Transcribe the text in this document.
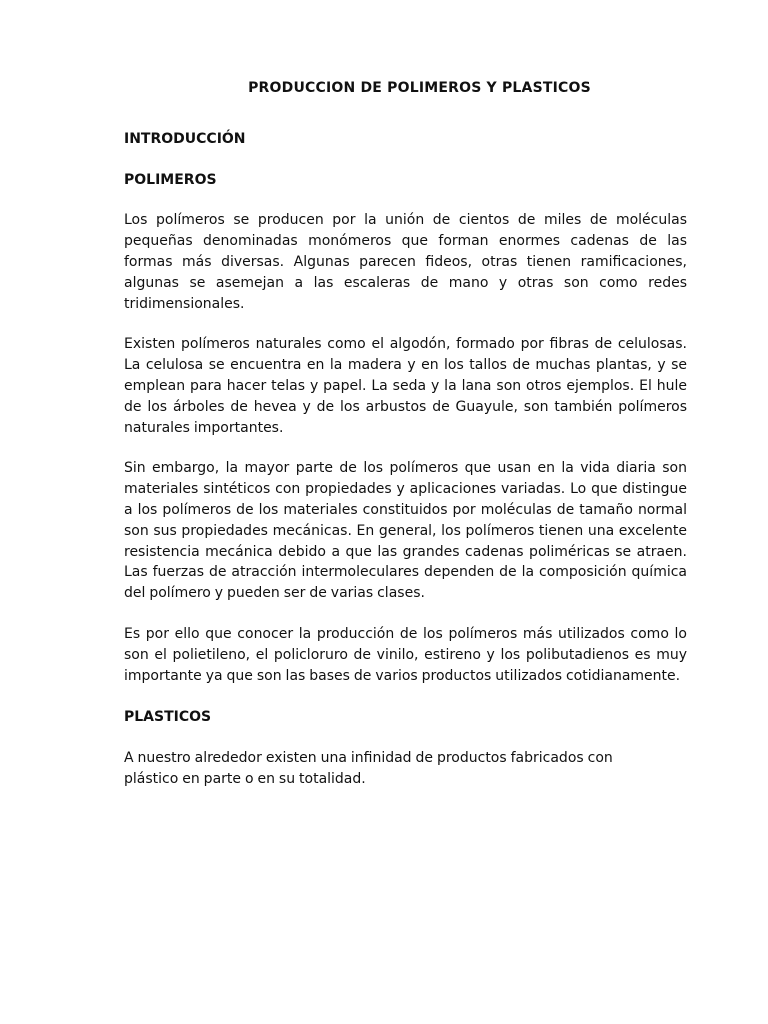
PRODUCCION DE POLIMEROS Y PLASTICOS
INTRODUCCIÓN
POLIMEROS

Los polímeros se producen por la unión de cientos de miles de moléculas pequeñas denominadas monómeros que forman enormes cadenas de las formas más diversas. Algunas parecen fideos, otras tienen ramificaciones, algunas se asemejan a las escaleras de mano y otras son como redes tridimensionales.

Existen polímeros naturales como el algodón, formado por fibras de celulosas. La celulosa se encuentra en la madera y en los tallos de muchas plantas, y se emplean para hacer telas y papel. La seda y la lana son otros ejemplos. El hule de los árboles de hevea y de los arbustos de Guayule, son también polímeros naturales importantes.

Sin embargo, la mayor parte de los polímeros que usan en la vida diaria son materiales sintéticos con propiedades y aplicaciones variadas. Lo que distingue a los polímeros de los materiales constituidos por moléculas de tamaño normal son sus propiedades mecánicas. En general, los polímeros tienen una excelente resistencia mecánica debido a que las grandes cadenas poliméricas se atraen. Las fuerzas de atracción intermoleculares dependen de la composición química del polímero y pueden ser de varias clases.

Es por ello que conocer la producción de los polímeros más utilizados como lo son el polietileno, el policloruro de vinilo, estireno y los polibutadienos es muy importante ya que son las bases de varios productos utilizados cotidianamente.

PLASTICOS

A nuestro alrededor existen una infinidad de productos fabricados con plástico en parte o en su totalidad.
